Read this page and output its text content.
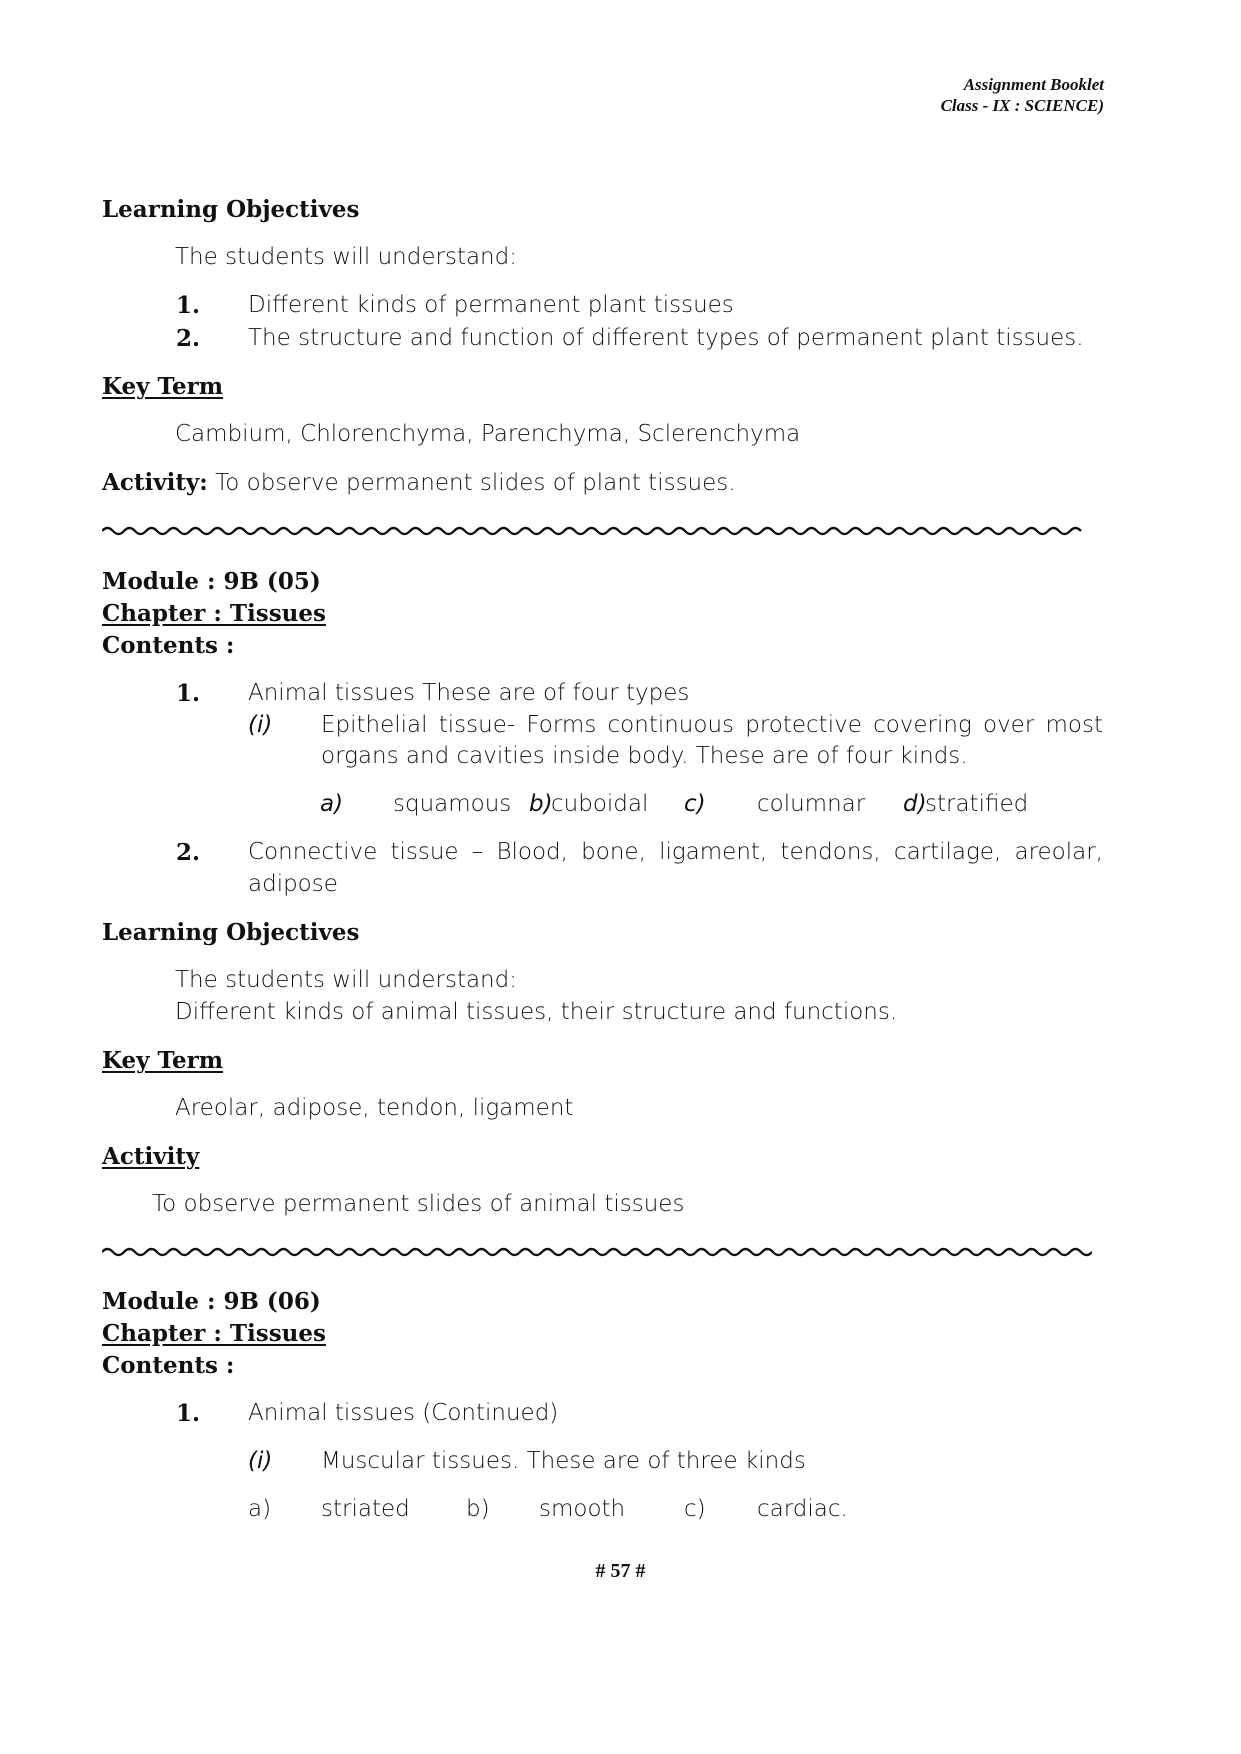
Assignment Booklet
Class - IX : SCIENCE)
Learning Objectives
The students will understand:
1. Different kinds of permanent plant tissues
2. The structure and function of different types of permanent plant tissues.
Key Term
Cambium, Chlorenchyma, Parenchyma, Sclerenchyma
Activity: To observe permanent slides of plant tissues.
Module : 9B (05)
Chapter : Tissues
Contents :
1. Animal tissues These are of four types
(i) Epithelial tissue- Forms continuous protective covering over most
organs and cavities inside body. These are of four kinds.
a) squamous b)
cuboidal c) columnar d)
stratified
2. Connective tissue – Blood, bone, ligament, tendons, cartilage, areolar,
adipose
Learning Objectives
The students will understand:
Different kinds of animal tissues, their structure and functions.
Key Term
Areolar, adipose, tendon, ligament
Activity
To observe permanent slides of animal tissues
Module : 9B (06)
Chapter : Tissues
Contents :
1. Animal tissues (Continued)
(i) Muscular tissues. These are of three kinds
a) striated b) smooth	c) cardiac.
# 57 #
